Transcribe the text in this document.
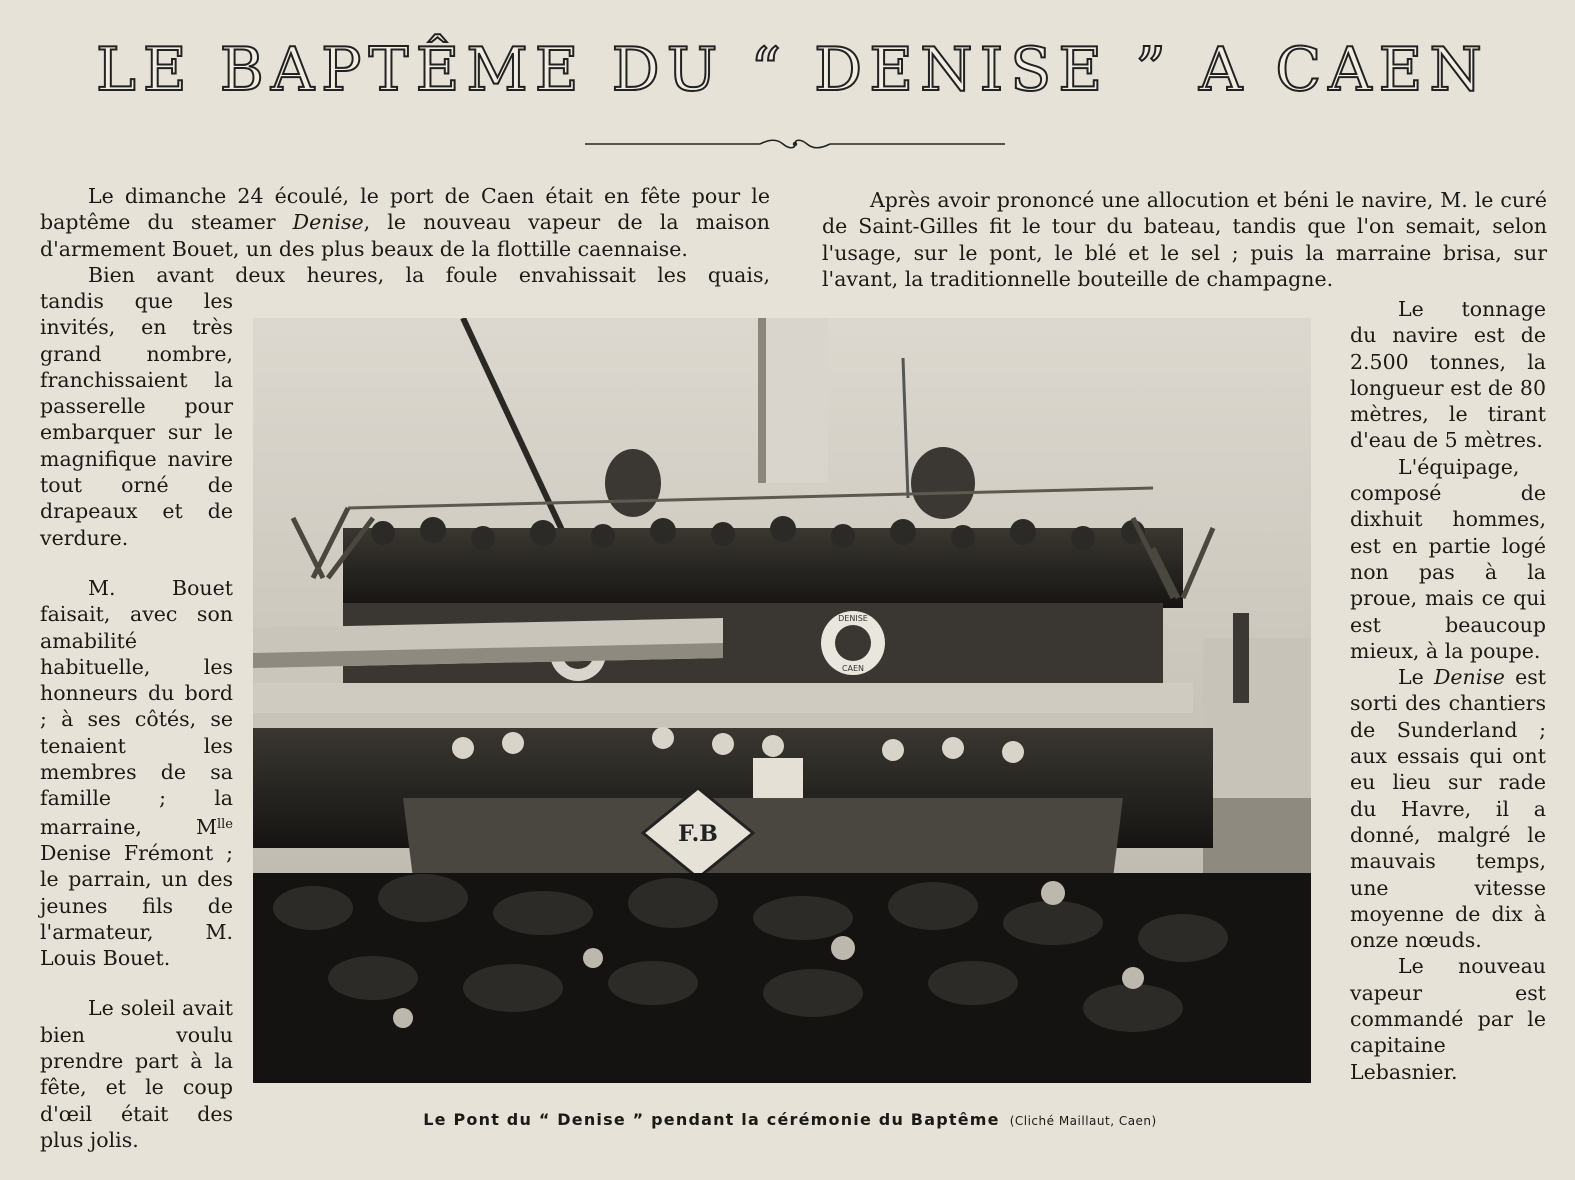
LE BAPTÊME DU “ DENISE ” A CAEN

Le dimanche 24 écoulé, le port de Caen était en fête pour le baptême du steamer Denise, le nouveau vapeur de la maison d'armement Bouet, un des plus beaux de la flottille caennaise.

Bien avant deux heures, la foule envahissait les quais,

Après avoir prononcé une allocution et béni le navire, M. le curé de Saint-Gilles fit le tour du bateau, tandis que l'on semait, selon l'usage, sur le pont, le blé et le sel ; puis la marraine brisa, sur l'avant, la traditionnelle bouteille de champagne.

tandis que les invités, en très grand nombre, franchissaient la passerelle pour embarquer sur le magnifique navire tout orné de drapeaux et de verdure.

M. Bouet faisait, avec son amabilité habituelle, les honneurs du bord ; à ses côtés, se tenaient les membres de sa famille ; la marraine, $M^{lle}$ Denise Frémont ; le parrain, un des jeunes fils de l'armateur, M. Louis Bouet.

Le soleil avait bien voulu prendre part à la fête, et le coup d'œil était des plus jolis.

Le tonnage du navire est de 2.500 tonnes, la longueur est de 80 mètres, le tirant d'eau de 5 mètres.

L'équipage, composé de dixhuit hommes, est en partie logé non pas à la proue, mais ce qui est beaucoup mieux, à la poupe.

Le Denise est sorti des chantiers de Sunderland ; aux essais qui ont eu lieu sur rade du Havre, il a donné, malgré le mauvais temps, une vitesse moyenne de dix à onze nœuds.

Le nouveau vapeur est commandé par le capitaine Lebasnier.

DENISE
CAEN
F.B
Le Pont du “ Denise ” pendant la cérémonie du Baptême (Cliché Maillaut, Caen)
